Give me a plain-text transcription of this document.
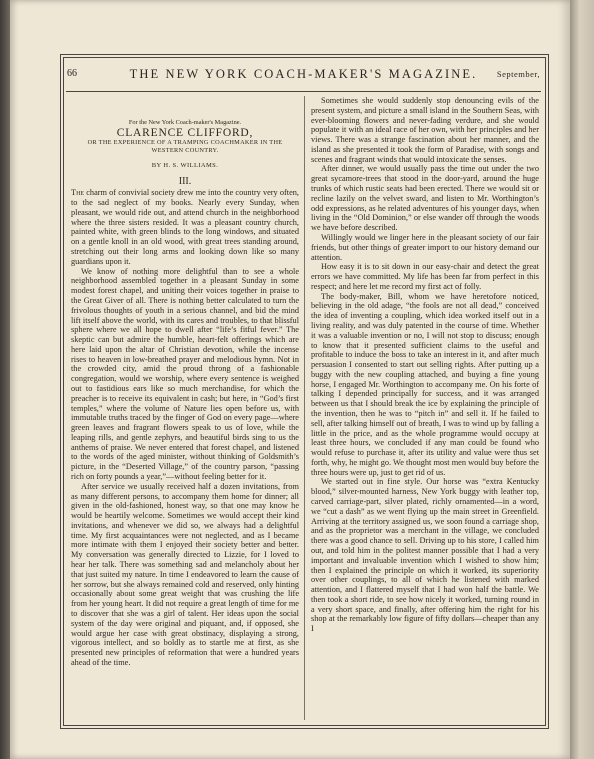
66	THE NEW YORK COACH-MAKER'S MAGAZINE.	September,

For the New York Coach-maker's Magazine.

CLARENCE CLIFFORD,

OR THE EXPERIENCE OF A TRAMPING COACHMAKER IN THE WESTERN COUNTRY.

BY H. S. WILLIAMS.

III.

The charm of convivial society drew me into the country very often, to the sad neglect of my books. Nearly every Sunday, when pleasant, we would ride out, and attend church in the neighborhood where the three sisters resided. It was a pleasant country church, painted white, with green blinds to the long windows, and situated on a gentle knoll in an old wood, with great trees standing around, stretching out their long arms and looking down like so many guardians upon it.

We know of nothing more delightful than to see a whole neighborhood assembled together in a pleasant Sunday in some modest forest chapel, and uniting their voices together in praise to the Great Giver of all. There is nothing better calculated to turn the frivolous thoughts of youth in a serious channel, and bid the mind lift itself above the world, with its cares and troubles, to that blissful sphere where we all hope to dwell after “life’s fitful fever.” The skeptic can but admire the humble, heart-felt offerings which are here laid upon the altar of Christian devotion, while the incense rises to heaven in low-breathed prayer and melodious hymn. Not in the crowded city, amid the proud throng of a fashionable congregation, would we worship, where every sentence is weighed out to fastidious ears like so much merchandise, for which the preacher is to receive its equivalent in cash; but here, in “God’s first temples,” where the volume of Nature lies open before us, with immutable truths traced by the finger of God on every page—where green leaves and fragrant flowers speak to us of love, while the leaping rills, and gentle zephyrs, and beautiful birds sing to us the anthems of praise. We never entered that forest chapel, and listened to the words of the aged minister, without thinking of Goldsmith’s picture, in the “Deserted Village,” of the country parson, “passing rich on forty pounds a year,”—without feeling better for it.

After service we usually received half a dozen invitations, from as many different persons, to accompany them home for dinner; all given in the old-fashioned, honest way, so that one may know he would be heartily welcome. Sometimes we would accept their kind invitations, and whenever we did so, we always had a delightful time. My first acquaintances were not neglected, and as I became more intimate with them I enjoyed their society better and better. My conversation was generally directed to Lizzie, for I loved to hear her talk. There was something sad and melancholy about her that just suited my nature. In time I endeavored to learn the cause of her sorrow, but she always remained cold and reserved, only hinting occasionally about some great weight that was crushing the life from her young heart. It did not require a great length of time for me to discover that she was a girl of talent. Her ideas upon the social system of the day were original and piquant, and, if opposed, she would argue her case with great obstinacy, displaying a strong, vigorous intellect, and so boldly as to startle me at first, as she presented new principles of reformation that were a hundred years ahead of the time.

Sometimes she would suddenly stop denouncing evils of the present system, and picture a small island in the Southern Seas, with ever-blooming flowers and never-fading verdure, and she would populate it with an ideal race of her own, with her principles and her views. There was a strange fascination about her manner, and the island as she presented it took the form of Paradise, with songs and scenes and fragrant winds that would intoxicate the senses.

After dinner, we would usually pass the time out under the two great sycamore-trees that stood in the door-yard, around the huge trunks of which rustic seats had been erected. There we would sit or recline lazily on the velvet sward, and listen to Mr. Worthington’s odd expressions, as he related adventures of his younger days, when living in the “Old Dominion,” or else wander off through the woods we have before described.

Willingly would we linger here in the pleasant society of our fair friends, but other things of greater import to our history demand our attention.

How easy it is to sit down in our easy-chair and detect the great errors we have committed. My life has been far from perfect in this respect; and here let me record my first act of folly.

The body-maker, Bill, whom we have heretofore noticed, believing in the old adage, “the fools are not all dead,” conceived the idea of inventing a coupling, which idea worked itself out in a living reality, and was duly patented in the course of time. Whether it was a valuable invention or no, I will not stop to discuss; enough to know that it presented sufficient claims to the useful and profitable to induce the boss to take an interest in it, and after much persuasion I consented to start out selling rights. After putting up a buggy with the new coupling attached, and buying a fine young horse, I engaged Mr. Worthington to accompany me. On his forte of talking I depended principally for success, and it was arranged between us that I should break the ice by explaining the principle of the invention, then he was to “pitch in” and sell it. If he failed to sell, after talking himself out of breath, I was to wind up by falling a little in the price, and as the whole programme would occupy at least three hours, we concluded if any man could be found who would refuse to purchase it, after its utility and value were thus set forth, why, he might go. We thought most men would buy before the three hours were up, just to get rid of us.

We started out in fine style. Our horse was “extra Kentucky blood,” silver-mounted harness, New York buggy with leather top, carved carriage-part, silver plated, richly ornamented—in a word, we “cut a dash” as we went flying up the main street in Greenfield. Arriving at the territory assigned us, we soon found a carriage shop, and as the proprietor was a merchant in the village, we concluded there was a good chance to sell. Driving up to his store, I called him out, and told him in the politest manner possible that I had a very important and invaluable invention which I wished to show him; then I explained the principle on which it worked, its superiority over other couplings, to all of which he listened with marked attention, and I flattered myself that I had won half the battle. We then took a short ride, to see how nicely it worked, turning round in a very short space, and finally, after offering him the right for his shop at the remarkably low figure of fifty dollars—cheaper than any I
